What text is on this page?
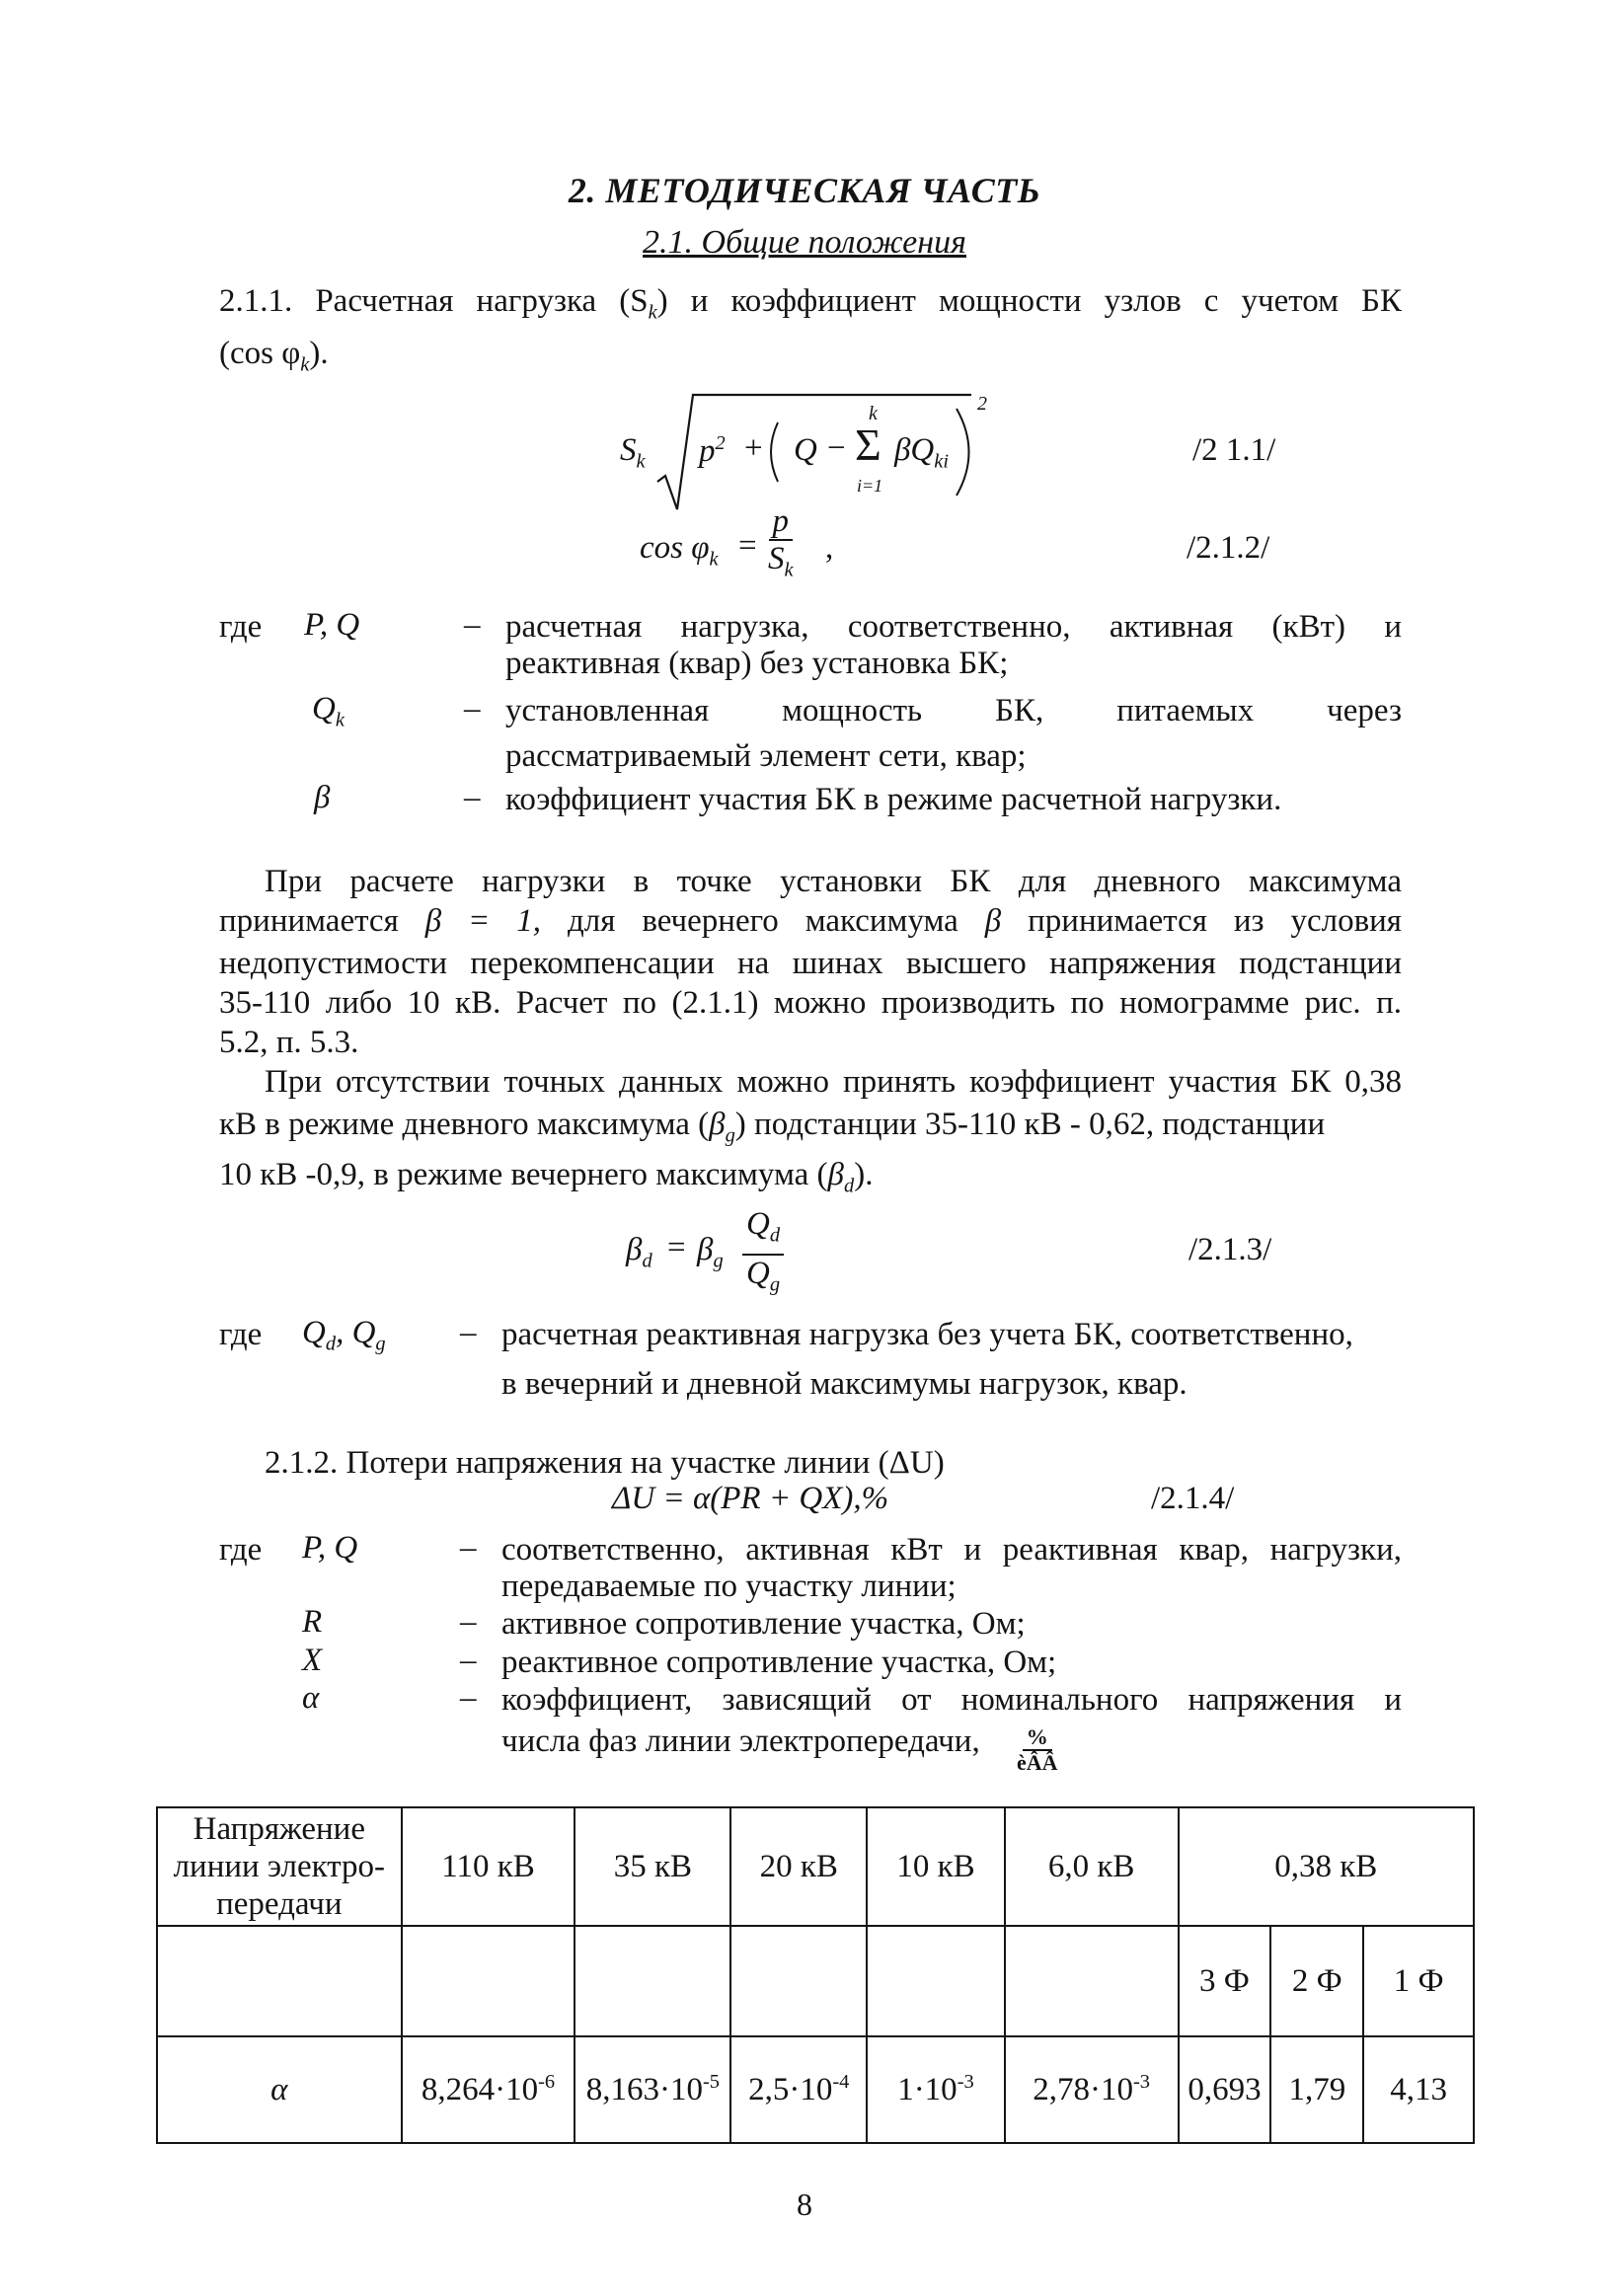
2. МЕТОДИЧЕСКАЯ ЧАСТЬ
2.1. Общие положения
2.1.1. Расчетная нагрузка $(S_k)$ и коэффициент мощности узлов с учетом БК
(cos $\varphi_k$).
$S_k$ $p^2 + Q$ −
k
Σ
i=1
$\beta Q_{ki}$
2
/2 1.1/
$\cos \varphi_k = \frac{p}{S_k}$ ,	/2.1.2/
где P, Q	– расчетная нагрузка, соответственно, активная (кВт) и
реактивная (квар) без установка БК;
$Q_k$	– установленная мощность БК, питаемых через
рассматриваемый элемент сети, квар;
β	– коэффициент участия БК в режиме расчетной нагрузки.
При расчете нагрузки в точке установки БК для дневного максимума
принимается β = 1, для вечернего максимума β принимается из условия
недопустимости перекомпенсации на шинах высшего напряжения подстанции
35-110 либо 10 кВ. Расчет по (2.1.1) можно производить по номограмме рис. п.
5.2, п. 5.3.
При отсутствии точных данных можно принять коэффициент участия БК 0,38
кВ в режиме дневного максимума $(\beta_g)$ подстанции 35-110 кВ - 0,62, подстанции
10 кВ -0,9, в режиме вечернего максимума $(\beta_d)$.
$\beta_d = \beta_g \frac{Q_d}{Q_g}$	/2.1.3/
где $Q_d$, $Q_g$ – расчетная реактивная нагрузка без учета БК, соответственно,
в вечерний и дневной максимумы нагрузок, квар.
2.1.2. Потери напряжения на участке линии (ΔU)
ΔU = α(PR + QX),%	/2.1.4/
где P, Q	– соответственно, активная кВт и реактивная квар, нагрузки,
передаваемые по участку линии;
R	– активное сопротивление участка, Ом;
X	– реактивное сопротивление участка, Ом;
α	– коэффициент, зависящий от номинального напряжения и
числа фаз линии электропередачи, $\frac{\%}{\text{èÂÂ}}$
Напряжение
линии электро-
передачи	110 кВ	35 кВ	20 кВ	10 кВ	6,0 кВ	0,38 кВ		
						3 Ф	2 Ф	1 Ф
α	$8,264\cdot 10^{-6}$	$8,163\cdot 10^{-5}$	$2,5\cdot 10^{-4}$	$1\cdot 10^{-3}$	$2,78\cdot 10^{-3}$	0,693	1,79	4,13
8
